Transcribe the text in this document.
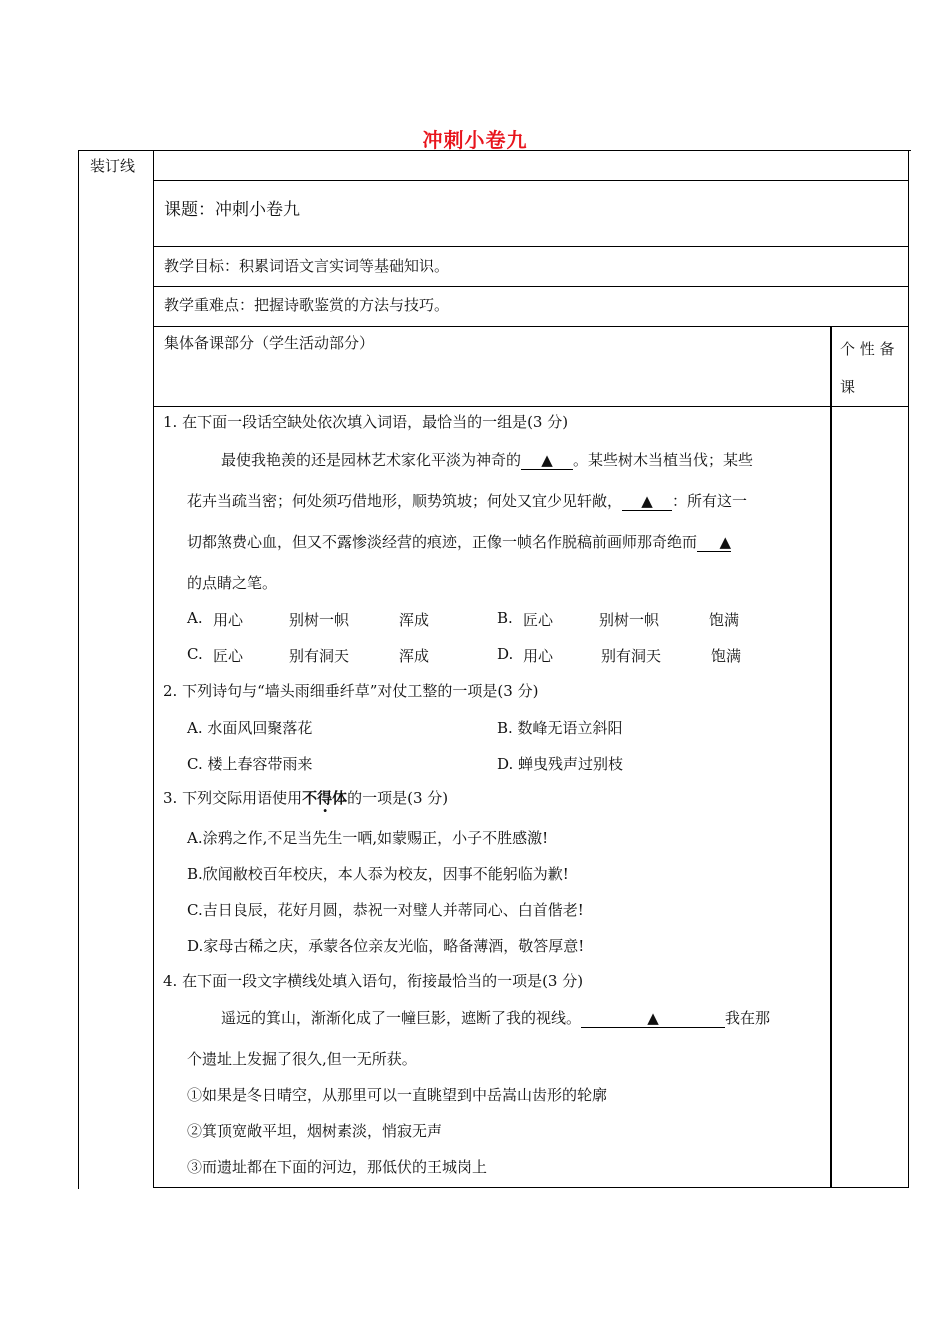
冲刺小卷九
装订线
课题：冲刺小卷九
教学目标：积累词语文言实词等基础知识。
教学重难点：把握诗歌鉴赏的方法与技巧。
集体备课部分（学生活动部分）	个 性 备
课
1. 在下面一段话空缺处依次填入词语，最恰当的一组是(3 分)
最使我艳羡的还是园林艺术家化平淡为神奇的 ▲ 。某些树木当植当伐；某些
花卉当疏当密；何处须巧借地形，顺势筑坡；何处又宜少见轩敞， ▲ ：所有这一
切都煞费心血，但又不露惨淡经营的痕迹，正像一帧名作脱稿前画师那奇绝而 ▲
的点睛之笔。
A. 用心	别树一帜	浑成	B. 匠心	别树一帜	饱满
C. 匠心	别有洞天	浑成	D. 用心	别有洞天	饱满
2. 下列诗句与“墙头雨细垂纤草”对仗工整的一项是(3 分)
A. 水面风回聚落花	B. 数峰无语立斜阳
C. 楼上春容带雨来	D. 蝉曳残声过别枝
3. 下列交际用语使用不得体的一项是(3 分)
A.涂鸦之作,不足当先生一哂,如蒙赐正，小子不胜感激!
B.欣闻敝校百年校庆，本人忝为校友，因事不能躬临为歉!
C.吉日良辰，花好月圆，恭祝一对璧人并蒂同心、白首偕老!
D.家母古稀之庆，承蒙各位亲友光临，略备薄酒，敬答厚意!
4. 在下面一段文字横线处填入语句，衔接最恰当的一项是(3 分)
遥远的箕山，渐渐化成了一幢巨影，遮断了我的视线。	▲	我在那
个遗址上发掘了很久,但一无所获。
①如果是冬日晴空，从那里可以一直眺望到中岳嵩山齿形的轮廓
②箕顶宽敞平坦，烟树素淡，悄寂无声
③而遗址都在下面的河边，那低伏的王城岗上
